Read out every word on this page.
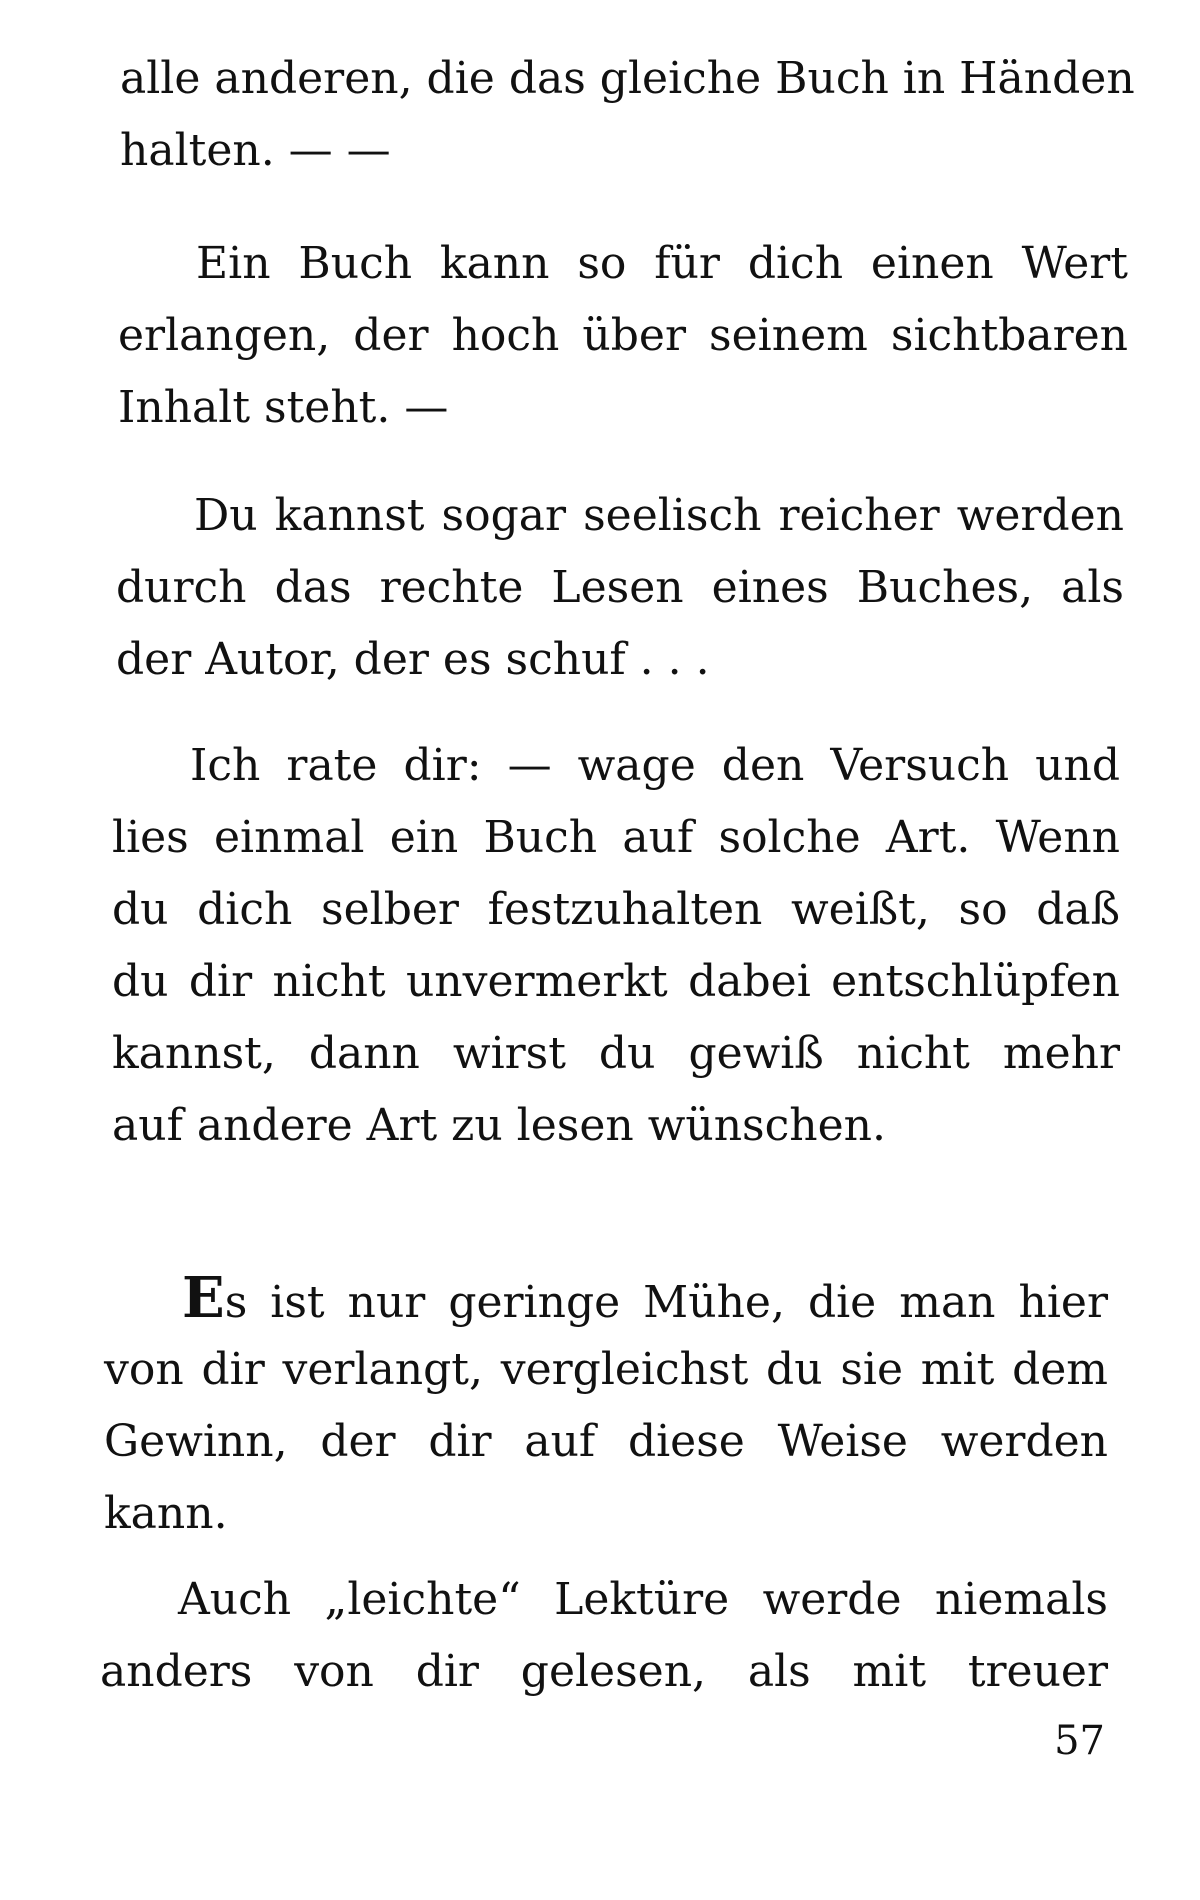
alle anderen, die das gleiche Buch in Händen
halten. — —
Ein Buch kann so für dich einen Wert
erlangen, der hoch über seinem sichtbaren
Inhalt steht. —
Du kannst sogar seelisch reicher werden
durch das rechte Lesen eines Buches, als
der Autor, der es schuf . . .
Ich rate dir: — wage den Versuch und
lies einmal ein Buch auf solche Art. Wenn
du dich selber festzuhalten weißt, so daß
du dir nicht unvermerkt dabei entschlüpfen
kannst, dann wirst du gewiß nicht mehr
auf andere Art zu lesen wünschen.
Es ist nur geringe Mühe, die man hier
von dir verlangt, vergleichst du sie mit dem
Gewinn, der dir auf diese Weise werden
kann.
Auch „leichte“ Lektüre werde niemals
anders von dir gelesen, als mit treuer
57
